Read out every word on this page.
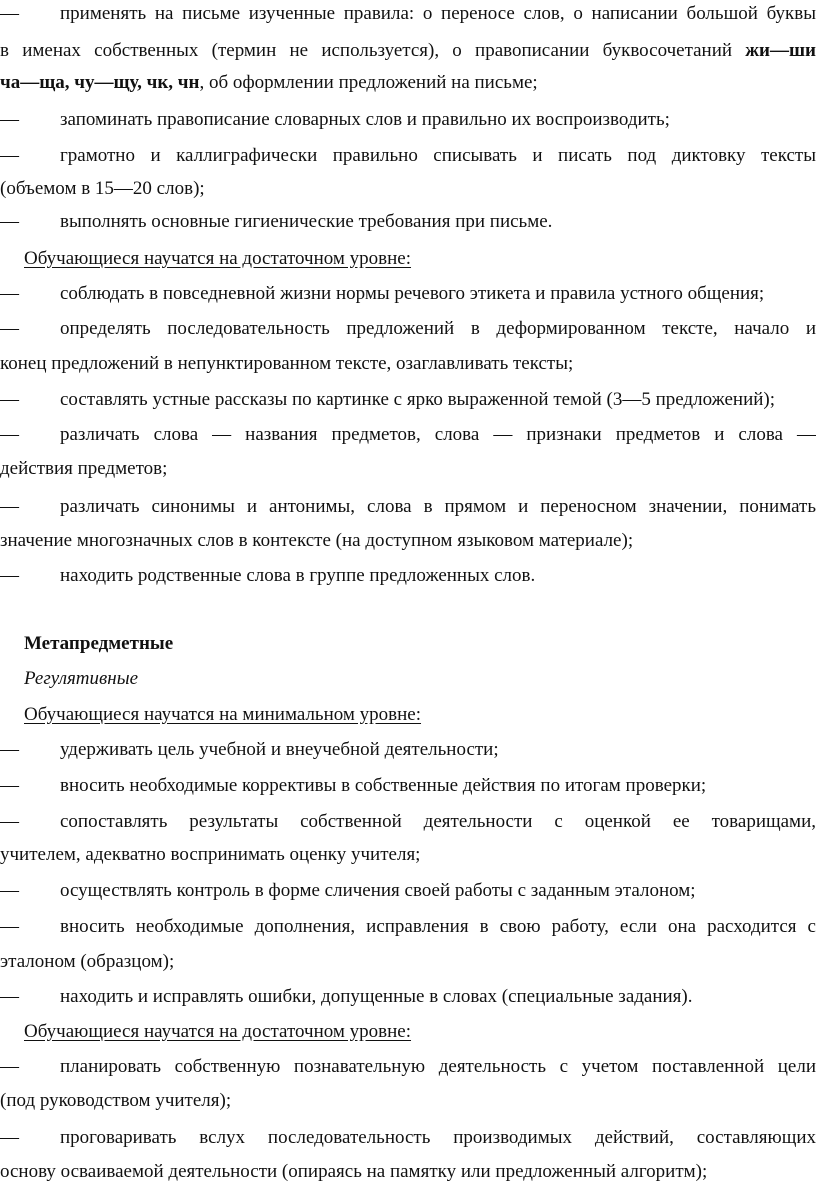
— применять на письме изученные правила: о переносе слов, о написании большой буквы
в именах собственных (термин не используется), о правописании буквосочетаний жи—ши
ча—ща, чу—щу, чк, чн, об оформлении предложений на письме;
— запоминать правописание словарных слов и правильно их воспроизводить;
— грамотно и каллиграфически правильно списывать и писать под диктовку тексты
(объемом в 15—20 слов);
— выполнять основные гигиенические требования при письме.
Обучающиеся научатся на достаточном уровне:
— соблюдать в повседневной жизни нормы речевого этикета и правила устного общения;
— определять последовательность предложений в деформированном тексте, начало и
конец предложений в непунктированном тексте, озаглавливать тексты;
— составлять устные рассказы по картинке с ярко выраженной темой (3—5 предложений);
— различать слова — названия предметов, слова — признаки предметов и слова —
действия предметов;
— различать синонимы и антонимы, слова в прямом и переносном значении, понимать
значение многозначных слов в контексте (на доступном языковом материале);
— находить родственные слова в группе предложенных слов.
Метапредметные
Регулятивные
Обучающиеся научатся на минимальном уровне:
— удерживать цель учебной и внеучебной деятельности;
— вносить необходимые коррективы в собственные действия по итогам проверки;
— сопоставлять результаты собственной деятельности с оценкой ее товарищами,
учителем, адекватно воспринимать оценку учителя;
— осуществлять контроль в форме сличения своей работы с заданным эталоном;
— вносить необходимые дополнения, исправления в свою работу, если она расходится с
эталоном (образцом);
— находить и исправлять ошибки, допущенные в словах (специальные задания).
Обучающиеся научатся на достаточном уровне:
— планировать собственную познавательную деятельность с учетом поставленной цели
(под руководством учителя);
— проговаривать вслух последовательность производимых действий, составляющих
основу осваиваемой деятельности (опираясь на памятку или предложенный алгоритм);
